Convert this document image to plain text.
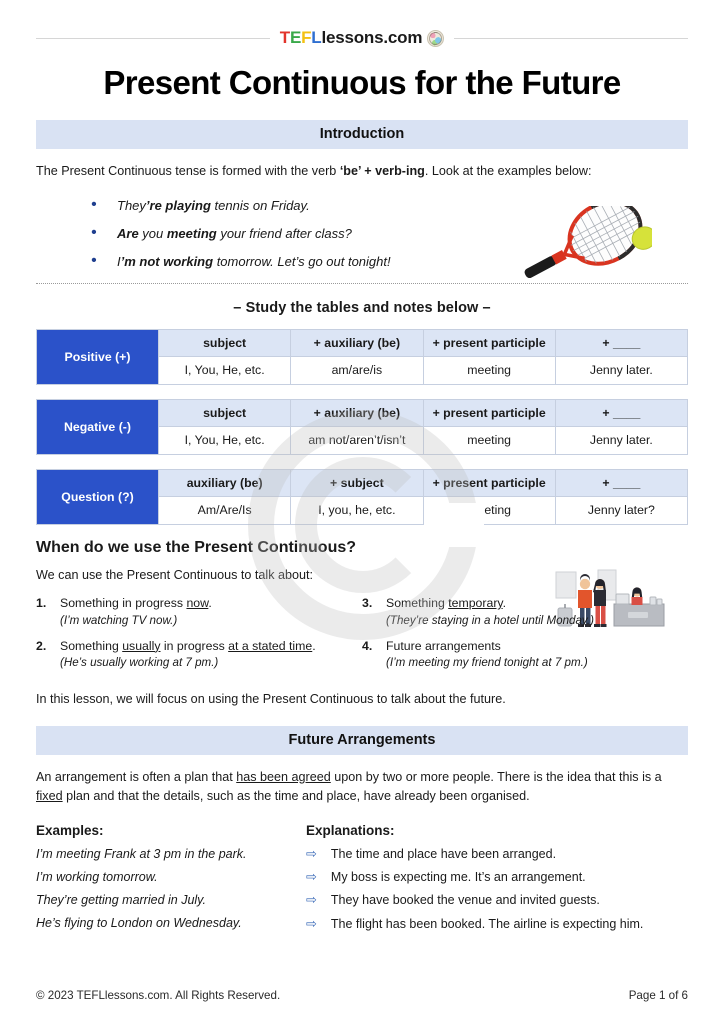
T E F L lessons.com
Present Continuous for the Future
Introduction

The Present Continuous tense is formed with the verb ‘be’ + verb-ing. Look at the examples below:

• They’re playing tennis on Friday.
• Are you meeting your friend after class?
• I’m not working tomorrow. Let’s go out tonight!
– Study the tables and notes below –
Positive (+)	subject	+ auxiliary (be)	+ present participle	+ ____
	I, You, He, etc.	am/are/is	meeting	Jenny later.
Negative (-)	subject	+ auxiliary (be)	+ present participle	+ ____
	I, You, He, etc.	am not/aren’t/isn’t	meeting	Jenny later.
Question (?)	auxiliary (be)	+ subject	+ present participle	+ ____
	Am/Are/Is	I, you, he, etc.	meeting	Jenny later?
When do we use the Present Continuous?

We can use the Present Continuous to talk about:

1. Something in progress now.
(I’m watching TV now.)
2. Something usually in progress at a stated time.
(He’s usually working at 7 pm.)
3. Something temporary.
(They’re staying in a hotel until Monday.)
4. Future arrangements
(I’m meeting my friend tonight at 7 pm.)

In this lesson, we will focus on using the Present Continuous to talk about the future.

Future Arrangements

An arrangement is often a plan that has been agreed upon by two or more people. There is the idea that this is a fixed plan and that the details, such as the time and place, have already been organised.

Examples:
I’m meeting Frank at 3 pm in the park.
I’m working tomorrow.
They’re getting married in July.
He’s flying to London on Wednesday.
Explanations:
⇨ The time and place have been arranged.
⇨ My boss is expecting me. It’s an arrangement.
⇨ They have booked the venue and invited guests.
⇨ The flight has been booked. The airline is expecting him.
© 2023 TEFLlessons.com. All Rights Reserved.	Page 1 of 6
